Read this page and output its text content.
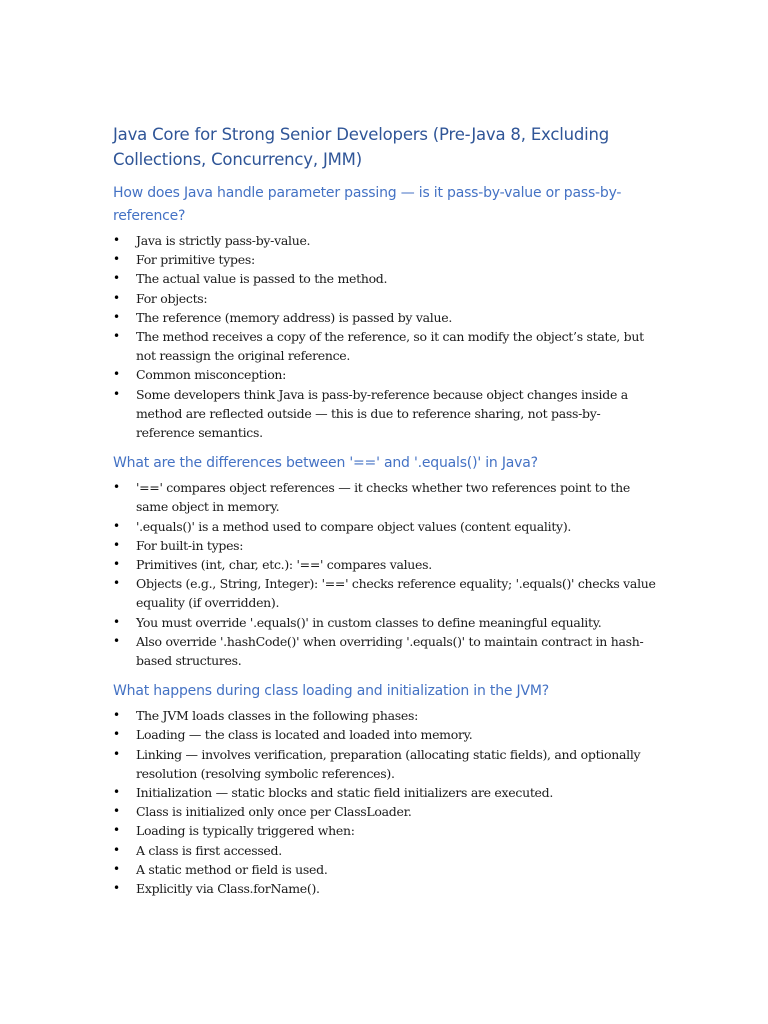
Java Core for Strong Senior Developers (Pre-Java 8, Excluding Collections, Concurrency, JMM)
How does Java handle parameter passing — is it pass-by-value or pass-by-reference?
•	Java is strictly pass-by-value.
•	For primitive types:
•	The actual value is passed to the method.
•	For objects:
•	The reference (memory address) is passed by value.
•	The method receives a copy of the reference, so it can modify the object’s state, but not reassign the original reference.
•	Common misconception:
•	Some developers think Java is pass-by-reference because object changes inside a method are reflected outside — this is due to reference sharing, not pass-by-reference semantics.
What are the differences between '==' and '.equals()' in Java?
•	'==' compares object references — it checks whether two references point to the same object in memory.
•	'.equals()' is a method used to compare object values (content equality).
•	For built-in types:
•	Primitives (int, char, etc.): '==' compares values.
•	Objects (e.g., String, Integer): '==' checks reference equality; '.equals()' checks value equality (if overridden).
•	You must override '.equals()' in custom classes to define meaningful equality.
•	Also override '.hashCode()' when overriding '.equals()' to maintain contract in hash-based structures.
What happens during class loading and initialization in the JVM?
•	The JVM loads classes in the following phases:
•	Loading — the class is located and loaded into memory.
•	Linking — involves verification, preparation (allocating static fields), and optionally resolution (resolving symbolic references).
•	Initialization — static blocks and static field initializers are executed.
•	Class is initialized only once per ClassLoader.
•	Loading is typically triggered when:
•	A class is first accessed.
•	A static method or field is used.
•	Explicitly via Class.forName().
